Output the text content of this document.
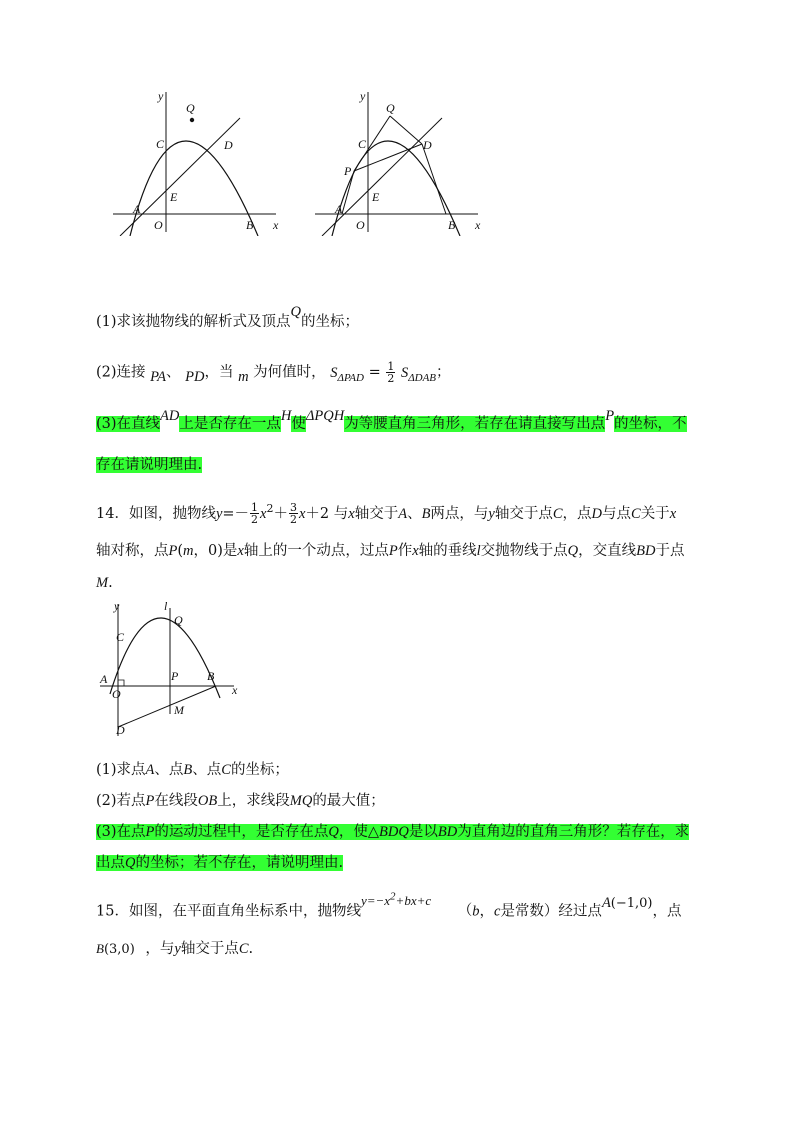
y
x
Q
C	D
E
A
O	B
y
x
Q
C	D
P
E
A
O	B
(1)求该抛物线的解析式及顶点Q的坐标；
(2)连接 PA、 PD，当 m 为何值时， $S_{\Delta PAD} = \frac{1}{2} S_{\Delta DAB}$；
(3)在直线AD上是否存在一点H使ΔPQH为等腰直角三角形，若存在请直接写出点P的坐标，不
存在请说明理由.
14．如图，抛物线$y=- \frac{1}{2} x^2+ \frac{3}{2} x+2$ 与x轴交于A、B两点，与y轴交于点C，点D与点C关于x
轴对称，点P(m，0)是x轴上的一个动点，过点P作x轴的垂线l交抛物线于点Q，交直线BD于点
M.
y	l
Q
C
A
O
P B
x
M
D
(1)求点A、点B、点C的坐标；
(2)若点P在线段OB上，求线段MQ的最大值；
(3)在点P的运动过程中，是否存在点Q，使△BDQ是以BD为直角边的直角三角形？若存在，求
出点Q的坐标；若不存在，请说明理由.
15．如图，在平面直角坐标系中，抛物线$y=-x^2+bx+c$ （b，c是常数）经过点A(−1,0)，点
B(3,0) ，与y轴交于点C.
